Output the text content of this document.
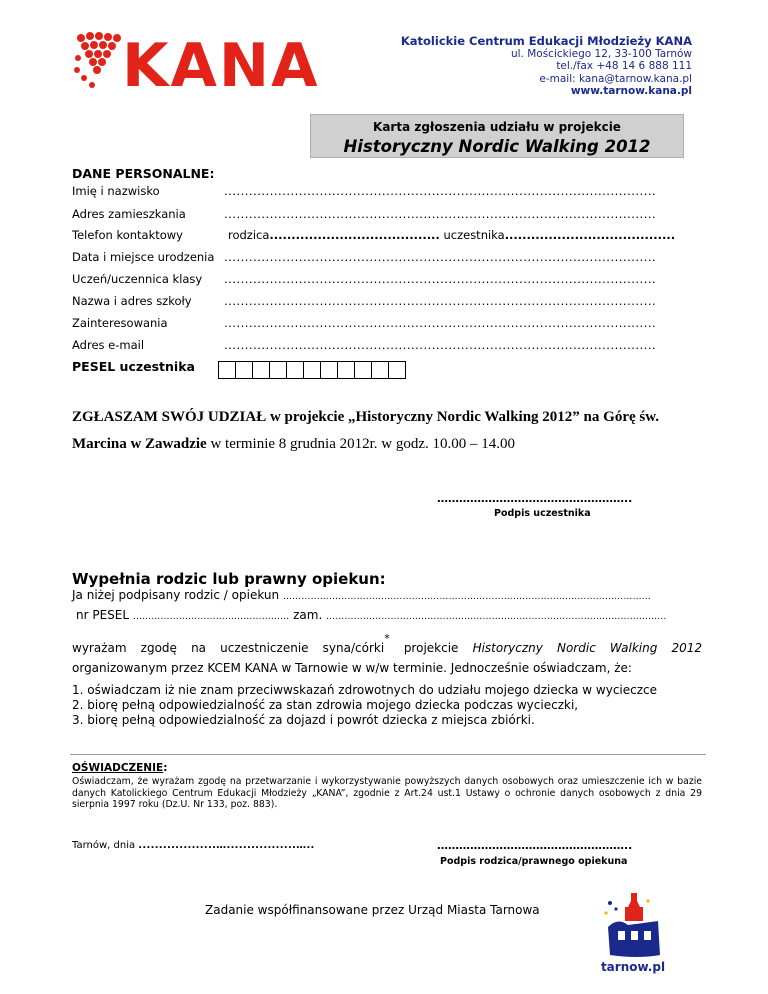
KANA	Katolickie Centrum Edukacji Młodzieży KANA
ul. Mościckiego 12, 33-100 Tarnów
tel./fax +48 14 6 888 111
e-mail: kana@tarnow.kana.pl
www.tarnow.kana.pl
Karta zgłoszenia udziału w projekcie
Historyczny Nordic Walking 2012
DANE PERSONALNE:
Imię i nazwisko	........................................................................................................
Adres zamieszkania	........................................................................................................
Telefon kontaktowy	rodzica....................................... uczestnika.......................................
Data i miejsce urodzenia ........................................................................................................
Uczeń/uczennica klasy ........................................................................................................
Nazwa i adres szkoły	........................................................................................................
Zainteresowania	........................................................................................................
Adres e-mail	........................................................................................................
PESEL uczestnika
ZGŁASZAM SWÓJ UDZIAŁ w projekcie „Historyczny Nordic Walking 2012” na Górę św. Marcina w Zawadzie w terminie 8 grudnia 2012r. w godz. 10.00 – 14.00
……………………………………………..
Podpis uczestnika
Wypełnia rodzic lub prawny opiekun:
Ja niżej podpisany rodzic / opiekun …………………………………………………………………………………………………………
nr PESEL …………………………………………… zam. ………………………………………………………………………………………………...
wyrażam zgodę na uczestniczenie syna/córki* projekcie Historyczny Nordic Walking 2012
organizowanym przez KCEM KANA w Tarnowie w w/w terminie. Jednocześnie oświadczam, że:
1. oświadczam iż nie znam przeciwwskazań zdrowotnych do udziału mojego dziecka w wycieczce
2. biorę pełną odpowiedzialność za stan zdrowia mojego dziecka podczas wycieczki,
3. biorę pełną odpowiedzialność za dojazd i powrót dziecka z miejsca zbiórki.
OŚWIADCZENIE:
Oświadczam, że wyrażam zgodę na przetwarzanie i wykorzystywanie powyższych danych osobowych oraz umieszczenie ich w bazie danych Katolickiego Centrum Edukacji Młodzieży „KANA”, zgodnie z Art.24 ust.1 Ustawy o ochronie danych osobowych z dnia 29 sierpnia 1997 roku (Dz.U. Nr 133, poz. 883).
Tarnów, dnia ...................….................…..	……………………………………………..
Podpis rodzica/prawnego opiekuna
Zadanie współfinansowane przez Urząd Miasta Tarnowa
tarnow.pl
